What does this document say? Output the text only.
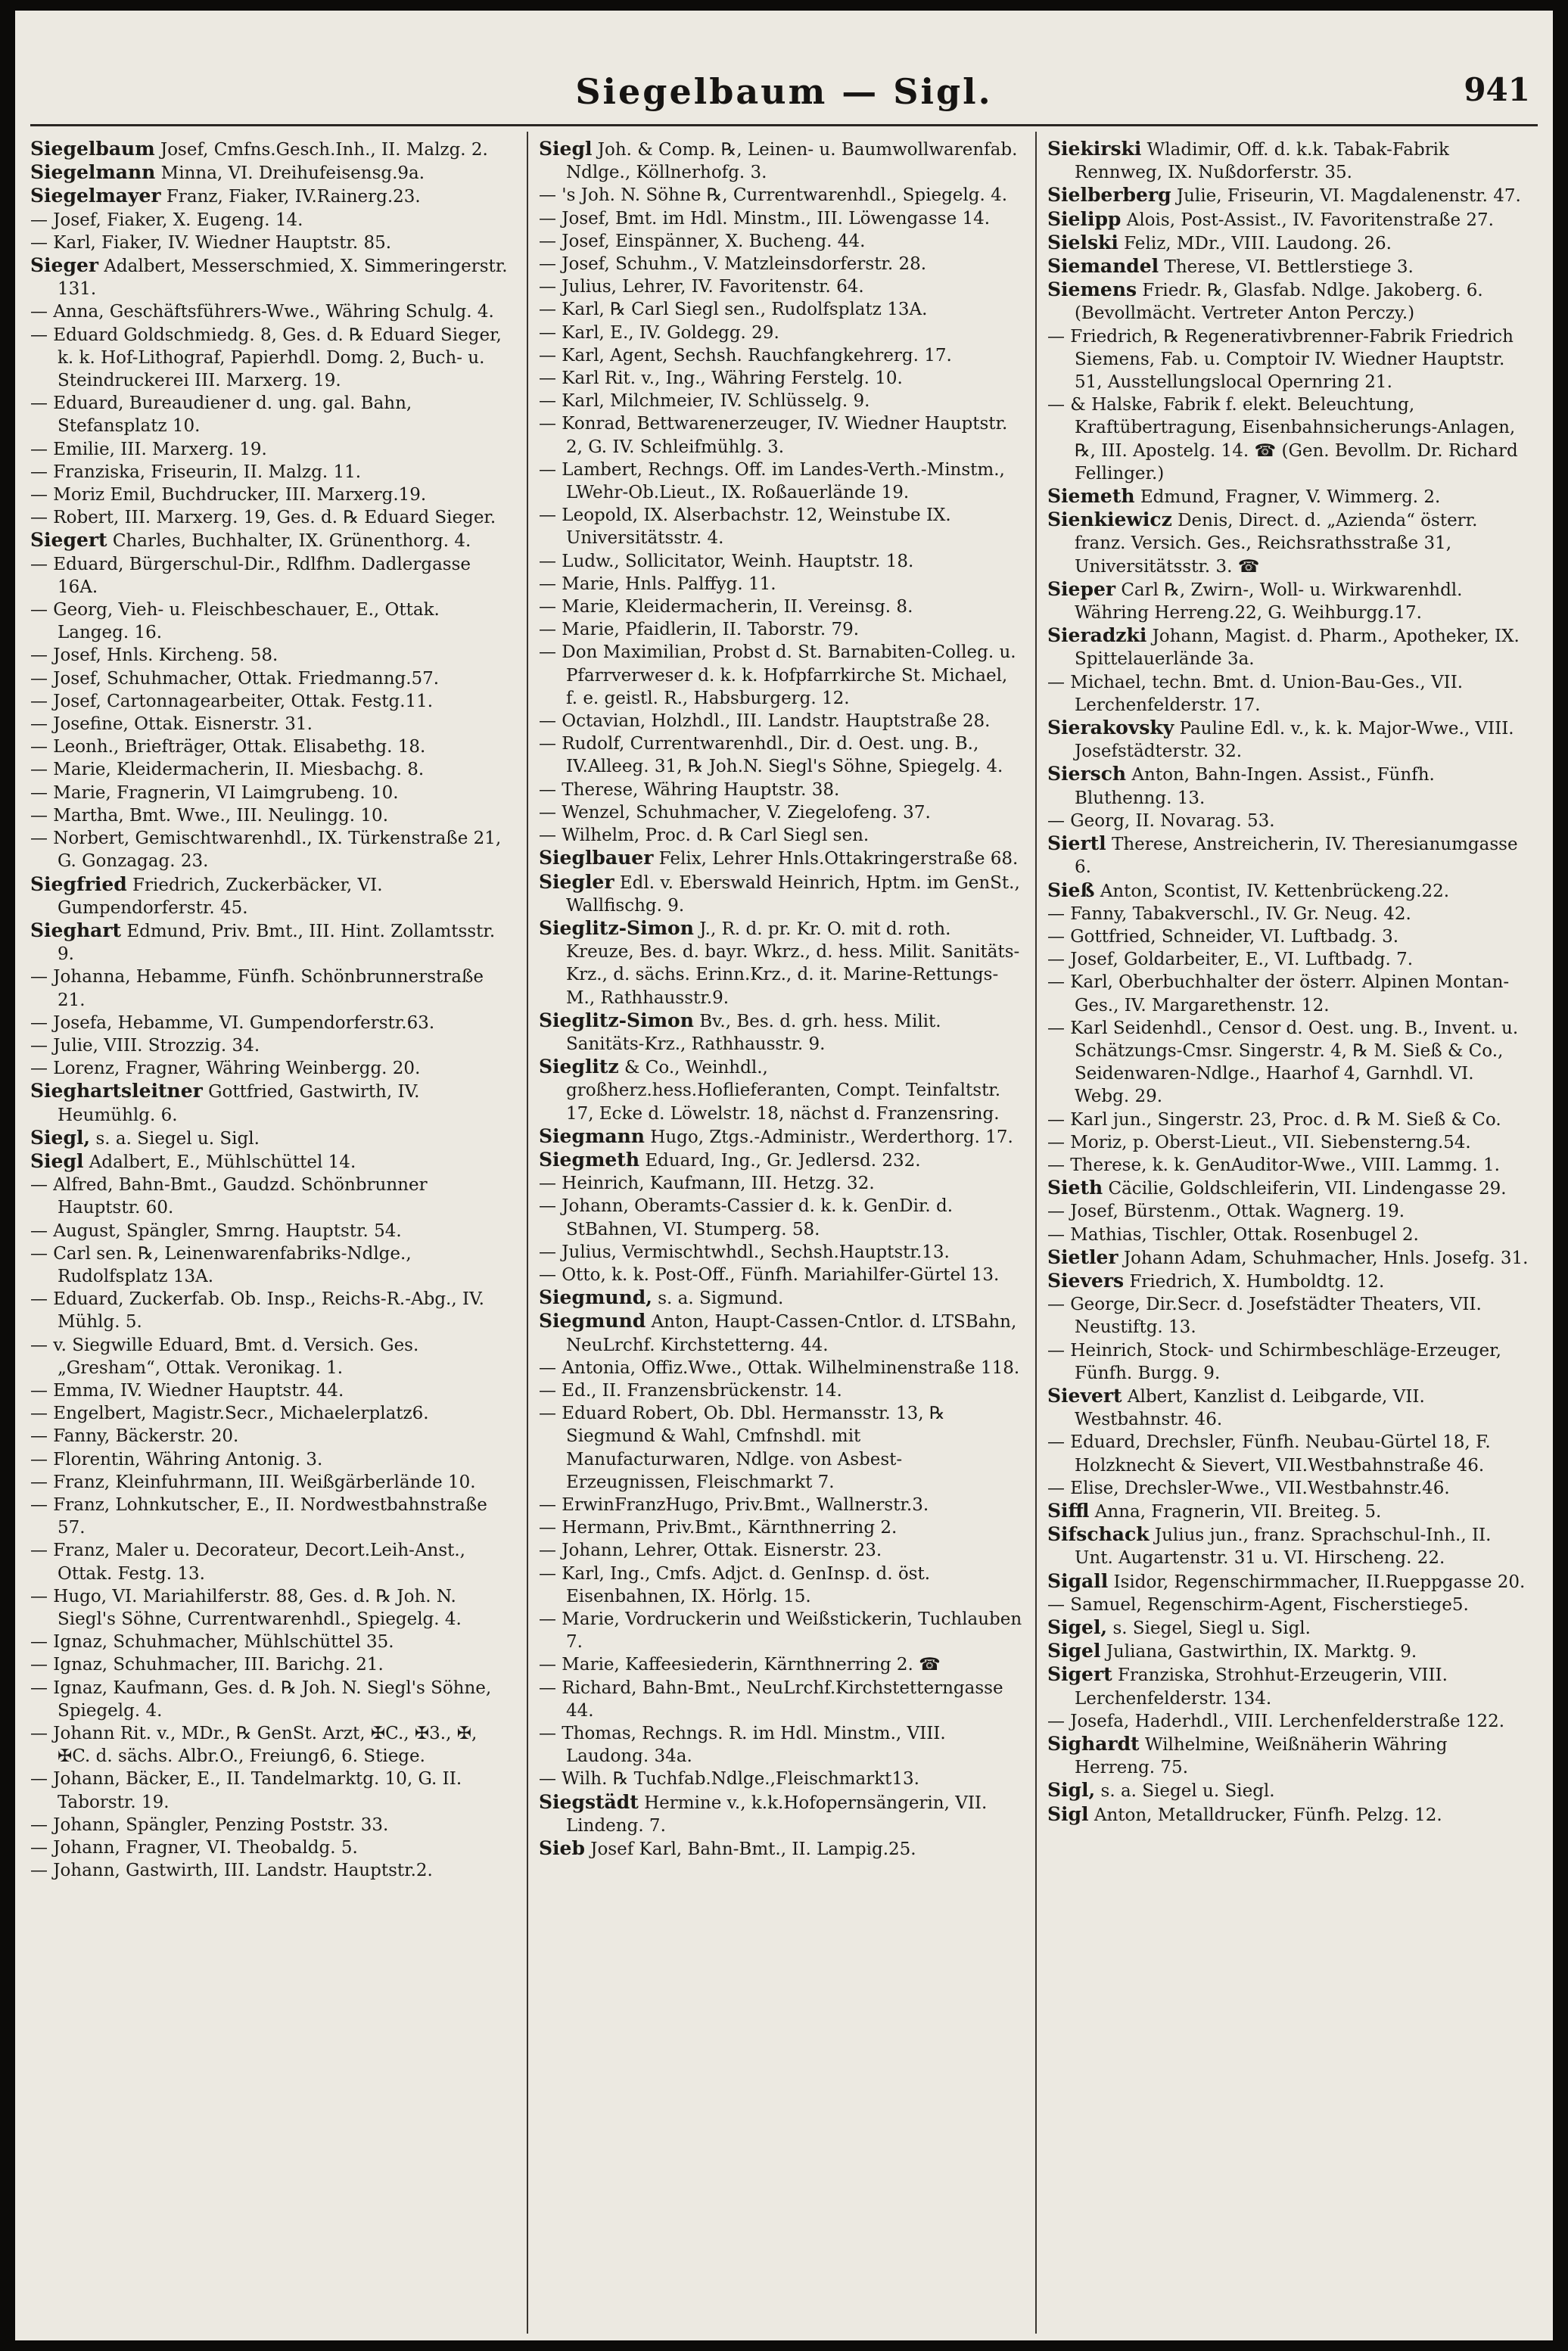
Siegelbaum — Sigl.	941

Siegelbaum Josef, Cmfns.Gesch.Inh., II. Malzg. 2.

Siegelmann Minna, VI. Dreihufeisensg.9a.

Siegelmayer Franz, Fiaker, IV.Rainerg.23.

— Josef, Fiaker, X. Eugeng. 14.

— Karl, Fiaker, IV. Wiedner Hauptstr. 85.

Sieger Adalbert, Messerschmied, X. Simmeringerstr. 131.

— Anna, Geschäftsführers-Wwe., Währing Schulg. 4.

— Eduard Goldschmiedg. 8, Ges. d. ℞ Eduard Sieger, k. k. Hof-Lithograf, Papierhdl. Domg. 2, Buch- u. Steindruckerei III. Marxerg. 19.

— Eduard, Bureaudiener d. ung. gal. Bahn, Stefansplatz 10.

— Emilie, III. Marxerg. 19.

— Franziska, Friseurin, II. Malzg. 11.

— Moriz Emil, Buchdrucker, III. Marxerg.19.

— Robert, III. Marxerg. 19, Ges. d. ℞ Eduard Sieger.

Siegert Charles, Buchhalter, IX. Grünenthorg. 4.

— Eduard, Bürgerschul-Dir., Rdlfhm. Dadlergasse 16A.

— Georg, Vieh- u. Fleischbeschauer, E., Ottak. Langeg. 16.

— Josef, Hnls. Kircheng. 58.

— Josef, Schuhmacher, Ottak. Friedmanng.57.

— Josef, Cartonnagearbeiter, Ottak. Festg.11.

— Josefine, Ottak. Eisnerstr. 31.

— Leonh., Briefträger, Ottak. Elisabethg. 18.

— Marie, Kleidermacherin, II. Miesbachg. 8.

— Marie, Fragnerin, VI Laimgrubeng. 10.

— Martha, Bmt. Wwe., III. Neulingg. 10.

— Norbert, Gemischtwarenhdl., IX. Türkenstraße 21, G. Gonzagag. 23.

Siegfried Friedrich, Zuckerbäcker, VI. Gumpendorferstr. 45.

Sieghart Edmund, Priv. Bmt., III. Hint. Zollamtsstr. 9.

— Johanna, Hebamme, Fünfh. Schönbrunnerstraße 21.

— Josefa, Hebamme, VI. Gumpendorferstr.63.

— Julie, VIII. Strozzig. 34.

— Lorenz, Fragner, Währing Weinbergg. 20.

Sieghartsleitner Gottfried, Gastwirth, IV. Heumühlg. 6.

Siegl, s. a. Siegel u. Sigl.

Siegl Adalbert, E., Mühlschüttel 14.

— Alfred, Bahn-Bmt., Gaudzd. Schönbrunner Hauptstr. 60.

— August, Spängler, Smrng. Hauptstr. 54.

— Carl sen. ℞, Leinenwarenfabriks-Ndlge., Rudolfsplatz 13A.

— Eduard, Zuckerfab. Ob. Insp., Reichs-R.-Abg., IV. Mühlg. 5.

— v. Siegwille Eduard, Bmt. d. Versich. Ges. „Gresham“, Ottak. Veronikag. 1.

— Emma, IV. Wiedner Hauptstr. 44.

— Engelbert, Magistr.Secr., Michaelerplatz6.

— Fanny, Bäckerstr. 20.

— Florentin, Währing Antonig. 3.

— Franz, Kleinfuhrmann, III. Weißgärberlände 10.

— Franz, Lohnkutscher, E., II. Nordwestbahnstraße 57.

— Franz, Maler u. Decorateur, Decort.Leih-Anst., Ottak. Festg. 13.

— Hugo, VI. Mariahilferstr. 88, Ges. d. ℞ Joh. N. Siegl's Söhne, Currentwarenhdl., Spiegelg. 4.

— Ignaz, Schuhmacher, Mühlschüttel 35.

— Ignaz, Schuhmacher, III. Barichg. 21.

— Ignaz, Kaufmann, Ges. d. ℞ Joh. N. Siegl's Söhne, Spiegelg. 4.

— Johann Rit. v., MDr., ℞ GenSt. Arzt, ✠C., ✠3., ✠, ✠C. d. sächs. Albr.O., Freiung6, 6. Stiege.

— Johann, Bäcker, E., II. Tandelmarktg. 10, G. II. Taborstr. 19.

— Johann, Spängler, Penzing Poststr. 33.

— Johann, Fragner, VI. Theobaldg. 5.

— Johann, Gastwirth, III. Landstr. Hauptstr.2.

Siegl Joh. & Comp. ℞, Leinen- u. Baumwollwarenfab. Ndlge., Köllnerhofg. 3.

— 's Joh. N. Söhne ℞, Currentwarenhdl., Spiegelg. 4.

— Josef, Bmt. im Hdl. Minstm., III. Löwengasse 14.

— Josef, Einspänner, X. Bucheng. 44.

— Josef, Schuhm., V. Matzleinsdorferstr. 28.

— Julius, Lehrer, IV. Favoritenstr. 64.

— Karl, ℞ Carl Siegl sen., Rudolfsplatz 13A.

— Karl, E., IV. Goldegg. 29.

— Karl, Agent, Sechsh. Rauchfangkehrerg. 17.

— Karl Rit. v., Ing., Währing Ferstelg. 10.

— Karl, Milchmeier, IV. Schlüsselg. 9.

— Konrad, Bettwarenerzeuger, IV. Wiedner Hauptstr. 2, G. IV. Schleifmühlg. 3.

— Lambert, Rechngs. Off. im Landes-Verth.-Minstm., LWehr-Ob.Lieut., IX. Roßauerlände 19.

— Leopold, IX. Alserbachstr. 12, Weinstube IX. Universitätsstr. 4.

— Ludw., Sollicitator, Weinh. Hauptstr. 18.

— Marie, Hnls. Palffyg. 11.

— Marie, Kleidermacherin, II. Vereinsg. 8.

— Marie, Pfaidlerin, II. Taborstr. 79.

— Don Maximilian, Probst d. St. Barnabiten-Colleg. u. Pfarrverweser d. k. k. Hofpfarrkirche St. Michael, f. e. geistl. R., Habsburgerg. 12.

— Octavian, Holzhdl., III. Landstr. Hauptstraße 28.

— Rudolf, Currentwarenhdl., Dir. d. Oest. ung. B., IV.Alleeg. 31, ℞ Joh.N. Siegl's Söhne, Spiegelg. 4.

— Therese, Währing Hauptstr. 38.

— Wenzel, Schuhmacher, V. Ziegelofeng. 37.

— Wilhelm, Proc. d. ℞ Carl Siegl sen.

Sieglbauer Felix, Lehrer Hnls.Ottakringerstraße 68.

Siegler Edl. v. Eberswald Heinrich, Hptm. im GenSt., Wallfischg. 9.

Sieglitz-Simon J., R. d. pr. Kr. O. mit d. roth. Kreuze, Bes. d. bayr. Wkrz., d. hess. Milit. Sanitäts-Krz., d. sächs. Erinn.Krz., d. it. Marine-Rettungs-M., Rathhausstr.9.

Sieglitz-Simon Bv., Bes. d. grh. hess. Milit. Sanitäts-Krz., Rathhausstr. 9.

Sieglitz & Co., Weinhdl., großherz.hess.Hoflieferanten, Compt. Teinfaltstr. 17, Ecke d. Löwelstr. 18, nächst d. Franzensring.

Siegmann Hugo, Ztgs.-Administr., Werderthorg. 17.

Siegmeth Eduard, Ing., Gr. Jedlersd. 232.

— Heinrich, Kaufmann, III. Hetzg. 32.

— Johann, Oberamts-Cassier d. k. k. GenDir. d. StBahnen, VI. Stumperg. 58.

— Julius, Vermischtwhdl., Sechsh.Hauptstr.13.

— Otto, k. k. Post-Off., Fünfh. Mariahilfer-Gürtel 13.

Siegmund, s. a. Sigmund.

Siegmund Anton, Haupt-Cassen-Cntlor. d. LTSBahn, NeuLrchf. Kirchstetterng. 44.

— Antonia, Offiz.Wwe., Ottak. Wilhelminenstraße 118.

— Ed., II. Franzensbrückenstr. 14.

— Eduard Robert, Ob. Dbl. Hermansstr. 13, ℞ Siegmund & Wahl, Cmfnshdl. mit Manufacturwaren, Ndlge. von Asbest-Erzeugnissen, Fleischmarkt 7.

— ErwinFranzHugo, Priv.Bmt., Wallnerstr.3.

— Hermann, Priv.Bmt., Kärnthnerring 2.

— Johann, Lehrer, Ottak. Eisnerstr. 23.

— Karl, Ing., Cmfs. Adjct. d. GenInsp. d. öst. Eisenbahnen, IX. Hörlg. 15.

— Marie, Vordruckerin und Weißstickerin, Tuchlauben 7.

— Marie, Kaffeesiederin, Kärnthnerring 2. ☎

— Richard, Bahn-Bmt., NeuLrchf.Kirchstetterngasse 44.

— Thomas, Rechngs. R. im Hdl. Minstm., VIII. Laudong. 34a.

— Wilh. ℞ Tuchfab.Ndlge.,Fleischmarkt13.

Siegstädt Hermine v., k.k.Hofopernsängerin, VII. Lindeng. 7.

Sieb Josef Karl, Bahn-Bmt., II. Lampig.25.

Siekirski Wladimir, Off. d. k.k. Tabak-Fabrik Rennweg, IX. Nußdorferstr. 35.

Sielberberg Julie, Friseurin, VI. Magdalenenstr. 47.

Sielipp Alois, Post-Assist., IV. Favoritenstraße 27.

Sielski Feliz, MDr., VIII. Laudong. 26.

Siemandel Therese, VI. Bettlerstiege 3.

Siemens Friedr. ℞, Glasfab. Ndlge. Jakoberg. 6. (Bevollmächt. Vertreter Anton Perczy.)

— Friedrich, ℞ Regenerativbrenner-Fabrik Friedrich Siemens, Fab. u. Comptoir IV. Wiedner Hauptstr. 51, Ausstellungslocal Opernring 21.

— & Halske, Fabrik f. elekt. Beleuchtung, Kraftübertragung, Eisenbahnsicherungs-Anlagen, ℞, III. Apostelg. 14. ☎ (Gen. Bevollm. Dr. Richard Fellinger.)

Siemeth Edmund, Fragner, V. Wimmerg. 2.

Sienkiewicz Denis, Direct. d. „Azienda“ österr. franz. Versich. Ges., Reichsrathsstraße 31, Universitätsstr. 3. ☎

Sieper Carl ℞, Zwirn-, Woll- u. Wirkwarenhdl. Währing Herreng.22, G. Weihburgg.17.

Sieradzki Johann, Magist. d. Pharm., Apotheker, IX. Spittelauerlände 3a.

— Michael, techn. Bmt. d. Union-Bau-Ges., VII. Lerchenfelderstr. 17.

Sierakovsky Pauline Edl. v., k. k. Major-Wwe., VIII. Josefstädterstr. 32.

Siersch Anton, Bahn-Ingen. Assist., Fünfh. Bluthenng. 13.

— Georg, II. Novarag. 53.

Siertl Therese, Anstreicherin, IV. Theresianumgasse 6.

Sieß Anton, Scontist, IV. Kettenbrückeng.22.

— Fanny, Tabakverschl., IV. Gr. Neug. 42.

— Gottfried, Schneider, VI. Luftbadg. 3.

— Josef, Goldarbeiter, E., VI. Luftbadg. 7.

— Karl, Oberbuchhalter der österr. Alpinen Montan-Ges., IV. Margarethenstr. 12.

— Karl Seidenhdl., Censor d. Oest. ung. B., Invent. u. Schätzungs-Cmsr. Singerstr. 4, ℞ M. Sieß & Co., Seidenwaren-Ndlge., Haarhof 4, Garnhdl. VI. Webg. 29.

— Karl jun., Singerstr. 23, Proc. d. ℞ M. Sieß & Co.

— Moriz, p. Oberst-Lieut., VII. Siebensterng.54.

— Therese, k. k. GenAuditor-Wwe., VIII. Lammg. 1.

Sieth Cäcilie, Goldschleiferin, VII. Lindengasse 29.

— Josef, Bürstenm., Ottak. Wagnerg. 19.

— Mathias, Tischler, Ottak. Rosenbugel 2.

Sietler Johann Adam, Schuhmacher, Hnls. Josefg. 31.

Sievers Friedrich, X. Humboldtg. 12.

— George, Dir.Secr. d. Josefstädter Theaters, VII. Neustiftg. 13.

— Heinrich, Stock- und Schirmbeschläge-Erzeuger, Fünfh. Burgg. 9.

Sievert Albert, Kanzlist d. Leibgarde, VII. Westbahnstr. 46.

— Eduard, Drechsler, Fünfh. Neubau-Gürtel 18, F. Holzknecht & Sievert, VII.Westbahnstraße 46.

— Elise, Drechsler-Wwe., VII.Westbahnstr.46.

Siffl Anna, Fragnerin, VII. Breiteg. 5.

Sifschack Julius jun., franz. Sprachschul-Inh., II. Unt. Augartenstr. 31 u. VI. Hirscheng. 22.

Sigall Isidor, Regenschirmmacher, II.Rueppgasse 20.

— Samuel, Regenschirm-Agent, Fischerstiege5.

Sigel, s. Siegel, Siegl u. Sigl.

Sigel Juliana, Gastwirthin, IX. Marktg. 9.

Sigert Franziska, Strohhut-Erzeugerin, VIII. Lerchenfelderstr. 134.

— Josefa, Haderhdl., VIII. Lerchenfelderstraße 122.

Sighardt Wilhelmine, Weißnäherin Währing Herreng. 75.

Sigl, s. a. Siegel u. Siegl.

Sigl Anton, Metalldrucker, Fünfh. Pelzg. 12.
